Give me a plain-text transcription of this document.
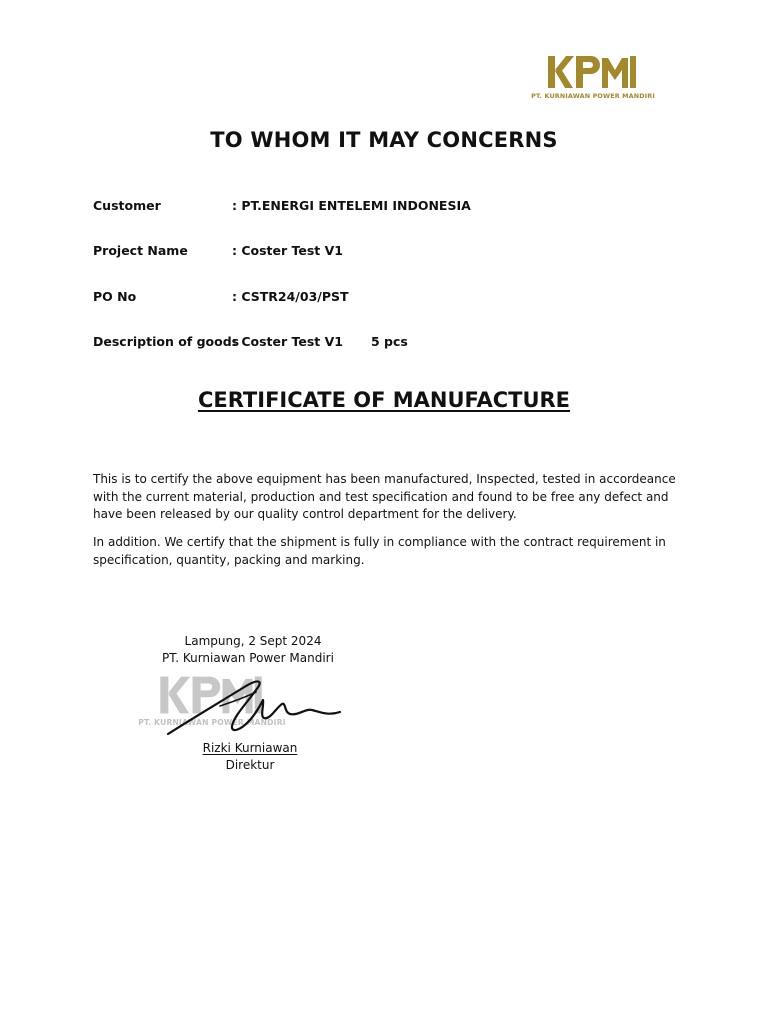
PT. KURNIAWAN POWER MANDIRI
TO WHOM IT MAY CONCERNS
Customer	: PT.ENERGI ENTELEMI INDONESIA
Project Name	: Coster Test V1
PO No	: CSTR24/03/PST
Description of goods
: Coster Test V1 5 pcs
CERTIFICATE OF MANUFACTURE

This is to certify the above equipment has been manufactured, Inspected, tested in accordeance with the current material, production and test specification and found to be free any defect and have been released by our quality control department for the delivery.

In addition. We certify that the shipment is fully in compliance with the contract requirement in specification, quantity, packing and marking.

Lampung, 2 Sept 2024
PT. Kurniawan Power Mandiri
PT. KURNIAWAN POWER MANDIRI
Rizki Kurniawan
Direktur
